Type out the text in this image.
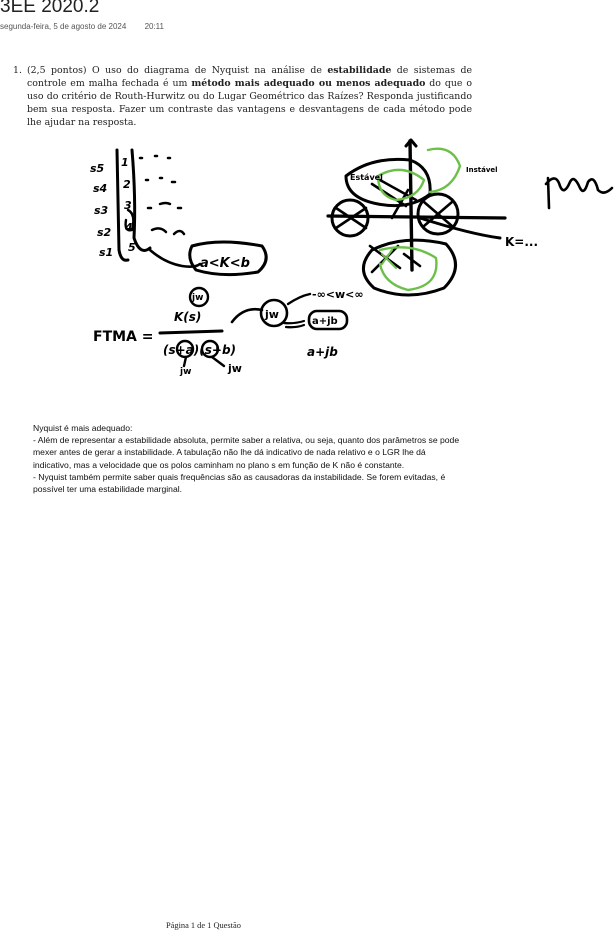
3EE 2020.2
segunda-feira, 5 de agosto de 2024 20:11
1. (2,5 pontos) O uso do diagrama de Nyquist na análise de estabilidade de sistemas de controle em malha fechada é um método mais adequado ou menos adequado do que o uso do critério de Routh-Hurwitz ou do Lugar Geométrico das Raízes? Responda justificando bem sua resposta. Fazer um contraste das vantagens e desvantagens de cada método pode lhe ajudar na resposta.
s5
s4
s3
s2
s1
1
2
3
4
5
a<K<b
FTMA =
K(s)
jw
(s+a)(s+b)
jw	jw
jw
-∞<w<∞
a+jb
a+jb
Estável
Instável
K=...

Nyquist é mais adequado:

- Além de representar a estabilidade absoluta, permite saber a relativa, ou seja, quanto dos parâmetros se pode mexer antes de gerar a instabilidade. A tabulação não lhe dá indicativo de nada relativo e o LGR lhe dá indicativo, mas a velocidade que os polos caminham no plano s em função de K não é constante.

- Nyquist também permite saber quais frequências são as causadoras da instabilidade. Se forem evitadas, é possível ter uma estabilidade marginal.

Página 1 de 1 Questão
